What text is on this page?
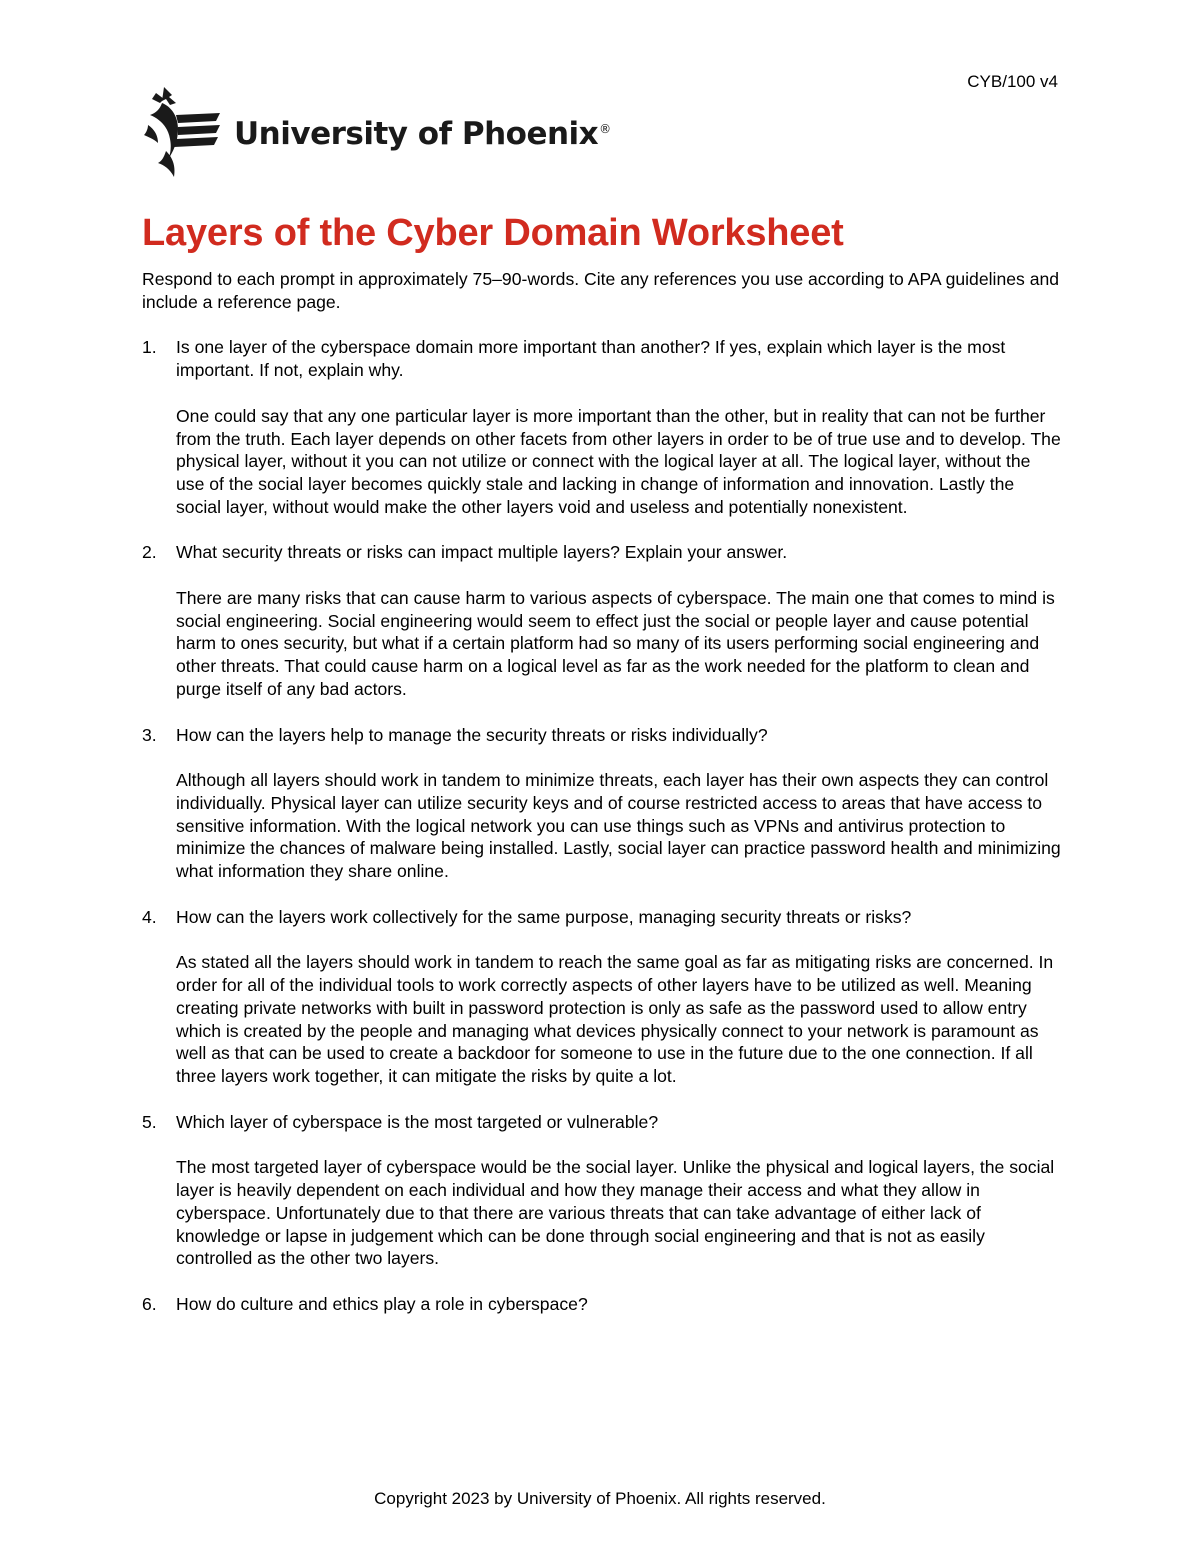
CYB/100 v4
University of Phoenix®
Layers of the Cyber Domain Worksheet

Respond to each prompt in approximately 75–90-words. Cite any references you use according to APA guidelines and include a reference page.

1. Is one layer of the cyberspace domain more important than another? If yes, explain which layer is the most important. If not, explain why.

One could say that any one particular layer is more important than the other, but in reality that can not be further from the truth. Each layer depends on other facets from other layers in order to be of true use and to develop. The physical layer, without it you can not utilize or connect with the logical layer at all. The logical layer, without the use of the social layer becomes quickly stale and lacking in change of information and innovation. Lastly the social layer, without would make the other layers void and useless and potentially nonexistent.

2. What security threats or risks can impact multiple layers? Explain your answer.

There are many risks that can cause harm to various aspects of cyberspace. The main one that comes to mind is social engineering. Social engineering would seem to effect just the social or people layer and cause potential harm to ones security, but what if a certain platform had so many of its users performing social engineering and other threats. That could cause harm on a logical level as far as the work needed for the platform to clean and purge itself of any bad actors.

3. How can the layers help to manage the security threats or risks individually?

Although all layers should work in tandem to minimize threats, each layer has their own aspects they can control individually. Physical layer can utilize security keys and of course restricted access to areas that have access to sensitive information. With the logical network you can use things such as VPNs and antivirus protection to minimize the chances of malware being installed. Lastly, social layer can practice password health and minimizing what information they share online.

4. How can the layers work collectively for the same purpose, managing security threats or risks?

As stated all the layers should work in tandem to reach the same goal as far as mitigating risks are concerned. In order for all of the individual tools to work correctly aspects of other layers have to be utilized as well. Meaning creating private networks with built in password protection is only as safe as the password used to allow entry which is created by the people and managing what devices physically connect to your network is paramount as well as that can be used to create a backdoor for someone to use in the future due to the one connection. If all three layers work together, it can mitigate the risks by quite a lot.

5. Which layer of cyberspace is the most targeted or vulnerable?

The most targeted layer of cyberspace would be the social layer. Unlike the physical and logical layers, the social layer is heavily dependent on each individual and how they manage their access and what they allow in cyberspace. Unfortunately due to that there are various threats that can take advantage of either lack of knowledge or lapse in judgement which can be done through social engineering and that is not as easily controlled as the other two layers.

6. How do culture and ethics play a role in cyberspace?

Copyright 2023 by University of Phoenix. All rights reserved.
